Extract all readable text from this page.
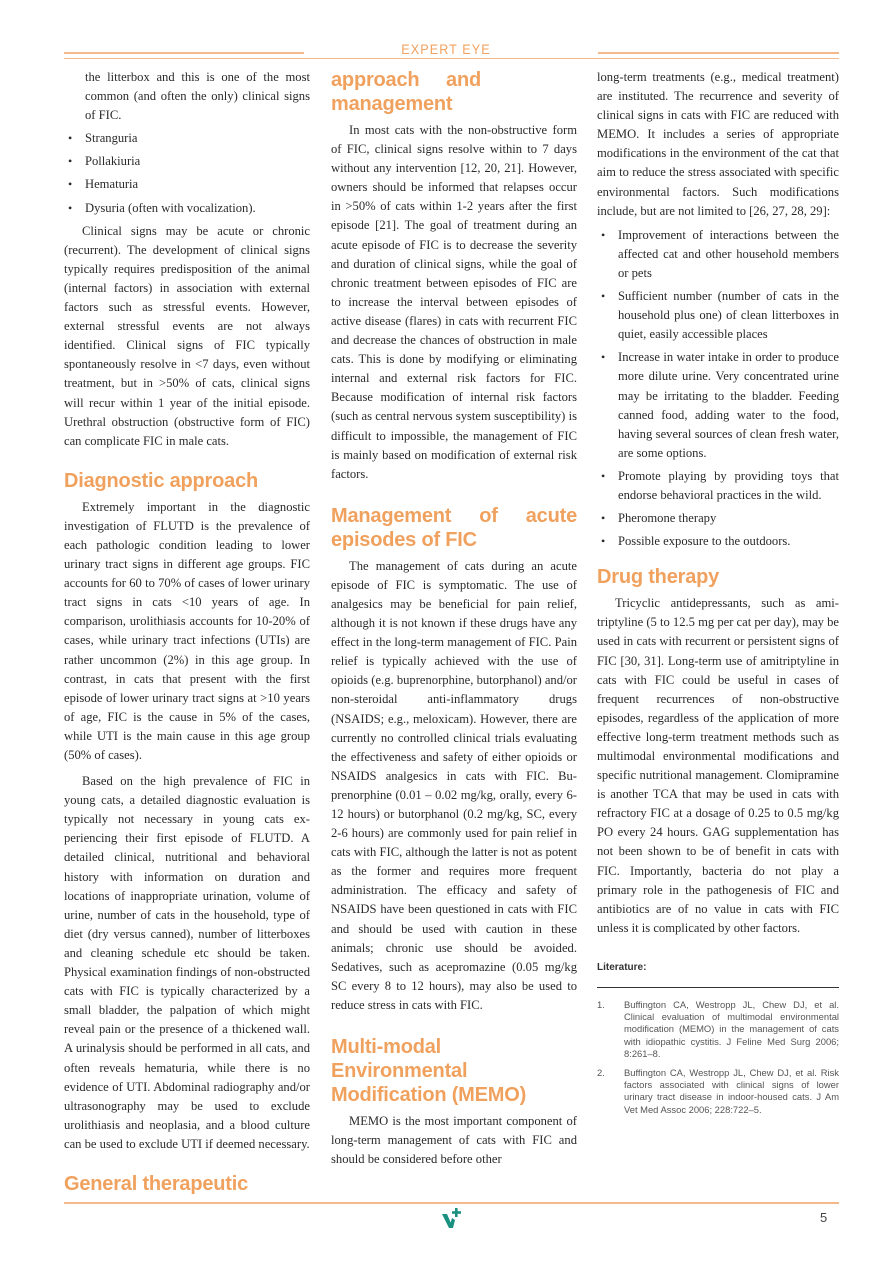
EXPERT EYE

the litterbox and this is one of the most common (and often the only) clinical signs of FIC.

• Stranguria
• Pollakiuria
• Hematuria
• Dysuria (often with vocalization).

Clinical signs may be acute or chronic (recurrent). The development of clinical signs typically requires predisposition of the animal (internal factors) in association with external factors such as stressful events. However, external stressful events are not always identified. Clinical signs of FIC typically spontaneously resolve in <7 days, even without treatment, but in >50% of cats, clinical signs will recur within 1 year of the initial episode. Urethral obstruction (obstructive form of FIC) can complicate FIC in male cats.

Diagnostic approach

Extremely important in the diagnostic investigation of FLUTD is the prevalence of each pathologic condition leading to lower urinary tract signs in different age groups. FIC accounts for 60 to 70% of cases of lower urinary tract signs in cats <10 years of age. In comparison, urolithiasis accounts for 10-20% of cases, while urinary tract infections (UTIs) are rather uncommon (2%) in this age group. In contrast, in cats that present with the first episode of lower urinary tract signs at >10 years of age, FIC is the cause in 5% of the cases, while UTI is the main cause in this age group (50% of cases).

Based on the high prevalence of FIC in young cats, a detailed diagnostic evaluation is typically not necessary in young cats experiencing their first episode of FLUTD. A detailed clinical, nutritional and behavioral history with information on duration and locations of inappropriate urination, volume of urine, number of cats in the household, type of diet (dry versus canned), number of litterboxes and cleaning schedule etc should be taken. Physical examination findings of non-obstructed cats with FIC is typically characterized by a small bladder, the palpation of which might reveal pain or the presence of a thickened wall. A urinalysis should be performed in all cats, and often reveals hematuria, while there is no evidence of UTI. Abdominal radiography and/or ultrasonography may be used to exclude urolithiasis and neoplasia, and a blood culture can be used to exclude UTI if deemed necessary.

General therapeutic
approach and management

In most cats with the non-obstructive form of FIC, clinical signs resolve within to 7 days without any intervention [12, 20, 21]. However, owners should be informed that relapses occur in >50% of cats within 1-2 years after the first episode [21]. The goal of treatment during an acute episode of FIC is to decrease the severity and duration of clinical signs, while the goal of chronic treatment between episodes of FIC are to increase the interval between episodes of active disease (flares) in cats with recurrent FIC and decrease the chances of obstruction in male cats. This is done by modifying or eliminating internal and external risk factors for FIC. Because modification of internal risk factors (such as central nervous system susceptibility) is difficult to impossible, the management of FIC is mainly based on modification of external risk factors.

Management of acute episodes of FIC

The management of cats during an acute episode of FIC is symptomatic. The use of analgesics may be beneficial for pain relief, although it is not known if these drugs have any effect in the long-term management of FIC. Pain relief is typically achieved with the use of opioids (e.g. buprenorphine, butorphanol) and/or non-steroidal anti-inflammatory drugs (NSAIDS; e.g., meloxicam). However, there are currently no controlled clinical trials evaluating the effectiveness and safety of either opioids or NSAIDS analgesics in cats with FIC. Buprenorphine (0.01 – 0.02 mg/kg, orally, every 6-12 hours) or butorphanol (0.2 mg/kg, SC, every 2-6 hours) are commonly used for pain relief in cats with FIC, although the latter is not as potent as the former and requires more frequent administration. The efficacy and safety of NSAIDS have been questioned in cats with FIC and should be used with caution in these animals; chronic use should be avoided. Sedatives, such as acepromazine (0.05 mg/kg SC every 8 to 12 hours), may also be used to reduce stress in cats with FIC.

Multi-modal Environmental Modification (MEMO)

MEMO is the most important component of long-term management of cats with FIC and should be considered before other

long-term treatments (e.g., medical treatment) are instituted. The recurrence and severity of clinical signs in cats with FIC are reduced with MEMO. It includes a series of appropriate modifications in the environment of the cat that aim to reduce the stress associated with specific environmental factors. Such modifications include, but are not limited to [26, 27, 28, 29]:

• Improvement of interactions between the affected cat and other household members or pets
• Sufficient number (number of cats in the household plus one) of clean litterboxes in quiet, easily accessible places
• Increase in water intake in order to produce more dilute urine. Very concentrated urine may be irritating to the bladder. Feeding canned food, adding water to the food, having several sources of clean fresh water, are some options.
• Promote playing by providing toys that endorse behavioral practices in the wild.
• Pheromone therapy
• Possible exposure to the outdoors.
Drug therapy

Tricyclic antidepressants, such as amitriptyline (5 to 12.5 mg per cat per day), may be used in cats with recurrent or persistent signs of FIC [30, 31]. Long-term use of amitriptyline in cats with FIC could be useful in cases of frequent recurrences of non-obstructive episodes, regardless of the application of more effective long-term treatment methods such as multimodal environmental modifications and specific nutritional management. Clomipramine is another TCA that may be used in cats with refractory FIC at a dosage of 0.25 to 0.5 mg/kg PO every 24 hours. GAG supplementation has not been shown to be of benefit in cats with FIC. Importantly, bacteria do not play a primary role in the pathogenesis of FIC and antibiotics are of no value in cats with FIC unless it is complicated by other factors.

Literature:
1.	Buffington CA, Westropp JL, Chew DJ, et al. Clinical evaluation of multimodal environmental modification (MEMO) in the management of cats with idiopathic cystitis. J Feline Med Surg 2006; 8:261–8.
2.	Buffington CA, Westropp JL, Chew DJ, et al. Risk factors associated with clinical signs of lower urinary tract disease in indoor-housed cats. J Am Vet Med Assoc 2006; 228:722–5.
5
